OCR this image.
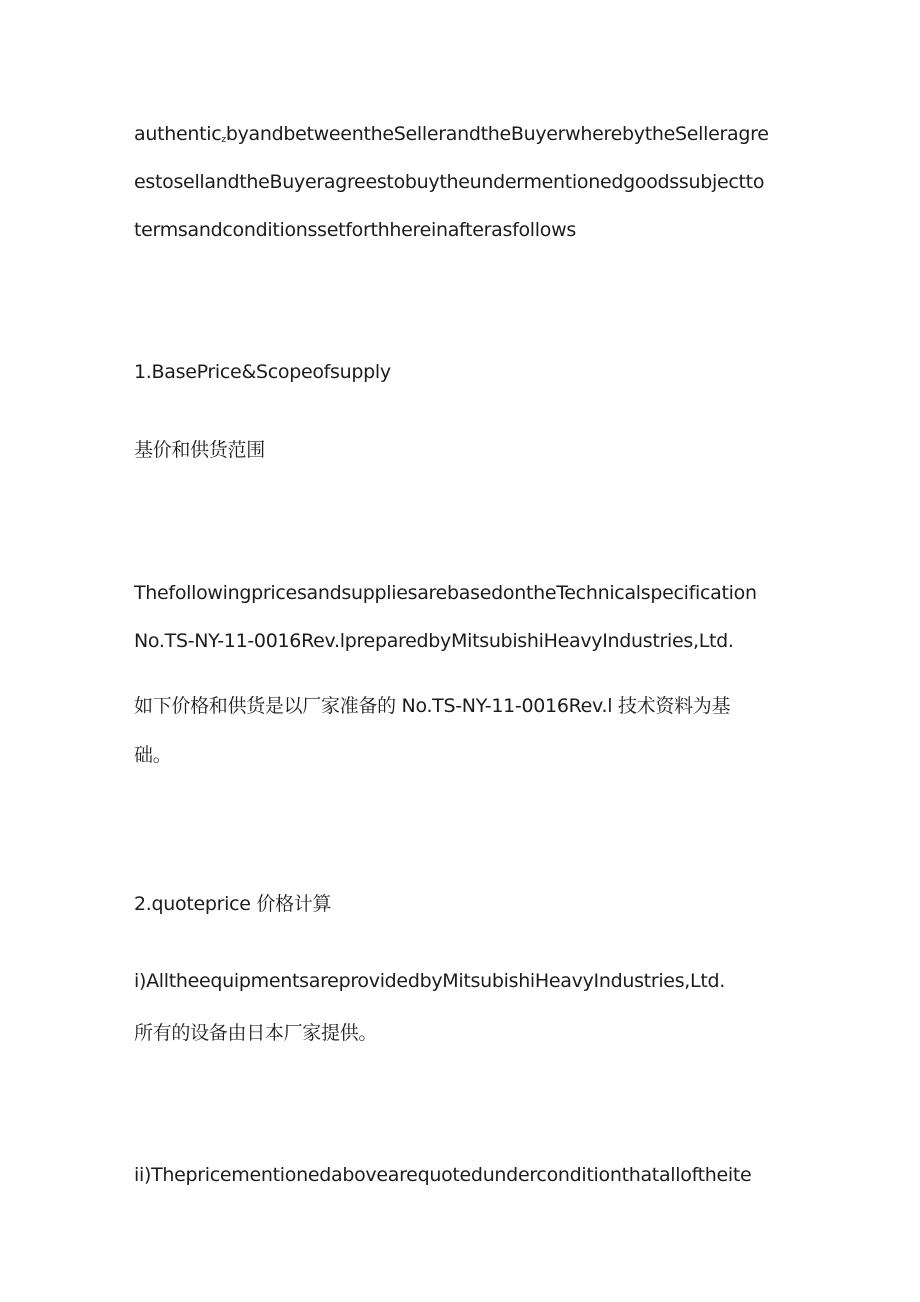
authentic$_z$byandbetweentheSellerandtheBuyerwherebytheSelleragre
estosellandtheBuyeragreestobuytheundermentionedgoodssubjectto
termsandconditionssetforthhereinafterasfollows
1.BasePrice&Scopeofsupply
基价和供货范围
ThefollowingpricesandsuppliesarebasedontheTechnicalspecification
No.TS-NY-11-0016Rev.lpreparedbyMitsubishiHeavyIndustries,Ltd.
如下价格和供货是以厂家准备的 No.TS-NY-11-0016Rev.l 技术资料为基
础。
2.quoteprice 价格计算
i)AlltheequipmentsareprovidedbyMitsubishiHeavyIndustries,Ltd.
所有的设备由日本厂家提供。
ii)Thepricementionedabovearequotedunderconditionthatalloftheite
